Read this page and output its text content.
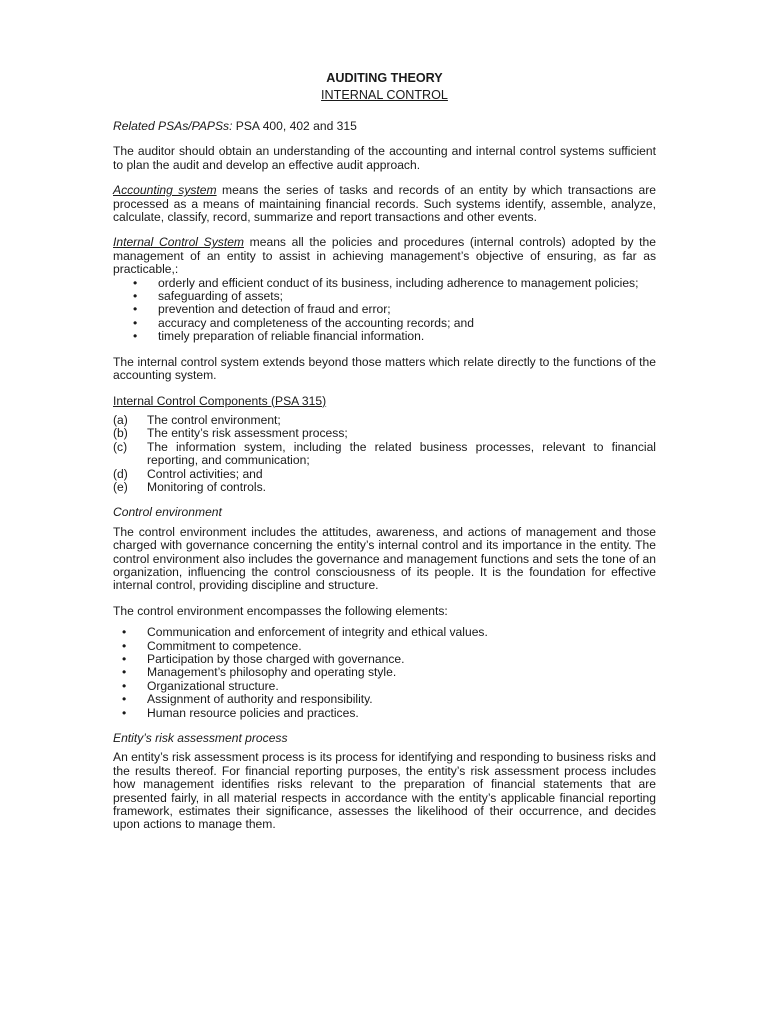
AUDITING THEORY
INTERNAL CONTROL

Related PSAs/PAPSs: PSA 400, 402 and 315

The auditor should obtain an understanding of the accounting and internal control systems sufficient to plan the audit and develop an effective audit approach.

Accounting system means the series of tasks and records of an entity by which transactions are processed as a means of maintaining financial records. Such systems identify, assemble, analyze, calculate, classify, record, summarize and report transactions and other events.

Internal Control System means all the policies and procedures (internal controls) adopted by the management of an entity to assist in achieving management’s objective of ensuring, as far as practicable,:

• orderly and efficient conduct of its business, including adherence to management policies;
• safeguarding of assets;
• prevention and detection of fraud and error;
• accuracy and completeness of the accounting records; and
• timely preparation of reliable financial information.

The internal control system extends beyond those matters which relate directly to the functions of the accounting system.

Internal Control Components (PSA 315)
(a)	The control environment;
(b)	The entity’s risk assessment process;
(c)	The information system, including the related business processes, relevant to financial reporting, and communication;
(d)	Control activities; and
(e)	Monitoring of controls.
Control environment

The control environment includes the attitudes, awareness, and actions of management and those charged with governance concerning the entity’s internal control and its importance in the entity. The control environment also includes the governance and management functions and sets the tone of an organization, influencing the control consciousness of its people. It is the foundation for effective internal control, providing discipline and structure.

The control environment encompasses the following elements:

• Communication and enforcement of integrity and ethical values.
• Commitment to competence.
• Participation by those charged with governance.
• Management’s philosophy and operating style.
• Organizational structure.
• Assignment of authority and responsibility.
• Human resource policies and practices.
Entity’s risk assessment process

An entity’s risk assessment process is its process for identifying and responding to business risks and the results thereof. For financial reporting purposes, the entity’s risk assessment process includes how management identifies risks relevant to the preparation of financial statements that are presented fairly, in all material respects in accordance with the entity’s applicable financial reporting framework, estimates their significance, assesses the likelihood of their occurrence, and decides upon actions to manage them.
